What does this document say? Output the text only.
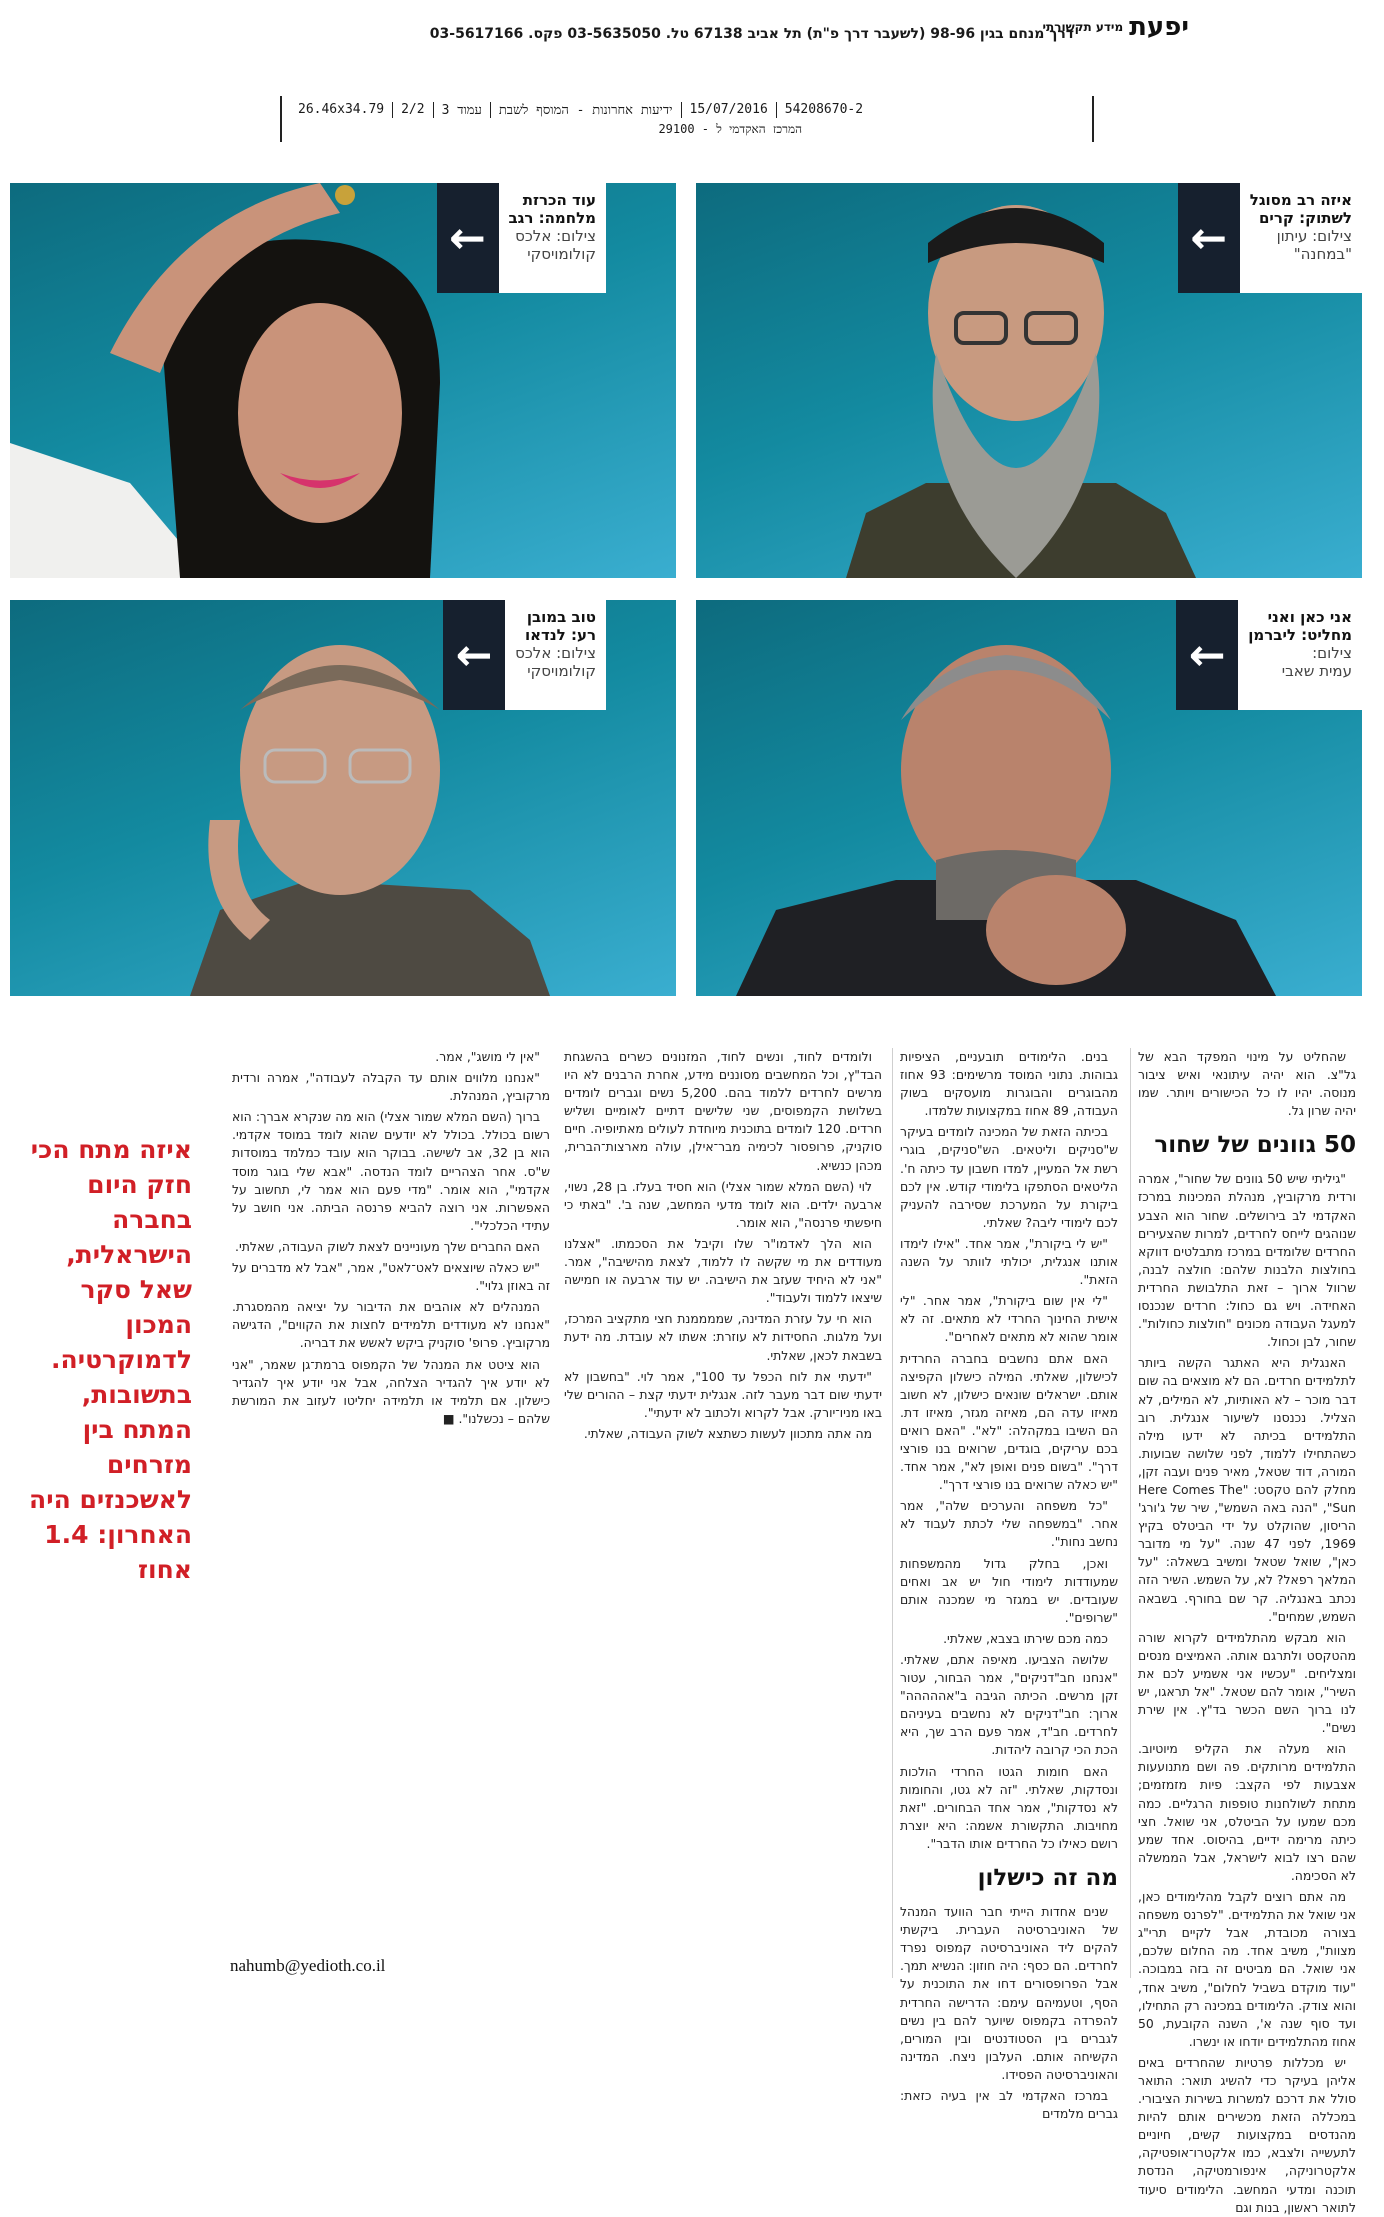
יפעת
מידע תקשורתי
דרך מנחם בגין 98-96 (לשעבר דרך פ"ת) תל אביב 67138 טל. 03-5635050 פקס. 03-5617166
26.46x34.79	2/2	עמוד 3	ידיעות אחרונות - המוסף לשבת	15/07/2016	54208670-2
המרכז האקדמי ל - 29100
←
איזה רב מסוגל
לשתוק: קרים
צילום: עיתון
"במחנה"
←
עוד הכרזת
מלחמה: רגב
צילום: אלכס
קולומויסקי
←
אני כאן ואני
מחליט: ליברמן
צילום:
עמית שאבי
←
טוב במובן
רע: לנדאו
צילום: אלכס
קולומויסקי

שהחליט על מינוי המפקד הבא של גל"צ. הוא יהיה עיתונאי ואיש ציבור מנוסה. יהיו לו כל הכישורים ויותר. שמו יהיה שרון גל.

50 גוונים של שחור

"גיליתי שיש 50 גוונים של שחור", אמרה ורדית מרקוביץ, מנהלת המכינות במרכז האקדמי לב בירושלים. שחור הוא הצבע שנוהגים לייחס לחרדים, למרות שהצעירים החרדים שלומדים במרכז מתבלטים דווקא בחולצות הלבנות שלהם: חולצה לבנה, שרוול ארוך – זאת התלבושת החרדית האחידה. ויש גם כחול: חרדים שנכנסו למעגל העבודה מכונים "חולצות כחולות". שחור, לבן וכחול.

האנגלית היא האתגר הקשה ביותר לתלמידים חרדים. הם לא מוצאים בה שום דבר מוכר – לא האותיות, לא המילים, לא הצליל. נכנסנו לשיעור אנגלית. רוב התלמידים בכיתה לא ידעו מילה כשהתחילו ללמוד, לפני שלושה שבועות. המורה, דוד שטאל, מאיר פנים ועבה זקן, מחלק להם טקסט: "Here Comes The Sun", "הנה באה השמש", שיר של ג'ורג' הריסון, שהוקלט על ידי הביטלס בקיץ 1969, לפני 47 שנה. "על מי מדובר כאן", שואל שטאל ומשיב בשאלה: "על המלאך רפאל? לא, על השמש. השיר הזה נכתב באנגליה. קר שם בחורף. בשבאה השמש, שמחים".

הוא מבקש מהתלמידים לקרוא שורה מהטקסט ולתרגם אותה. האמיצים מנסים ומצליחים. "עכשיו אני אשמיע לכם את השיר", אומר להם שטאל. "אל תראגו, יש לנו ברוך השם הכשר בד"ץ. אין שירת נשים".

הוא מעלה את הקליפ מיוטיוב. התלמידים מרותקים. פה ושם מתנועעות אצבעות לפי הקצב: פיות מזמזמים; מתחת לשולחנות טופפות הרגליים. כמה מכם שמעו על הביטלס, אני שואל. חצי כיתה מרימה ידיים, בהיסוס. אחד שמע שהם רצו לבוא לישראל, אבל הממשלה לא הסכימה.

מה אתם רוצים לקבל מהלימודים כאן, אני שואל את התלמידים. "לפרנס משפחה בצורה מכובדת, אבל לקיים תרי"ג מצוות", משיב אחד. מה החלום שלכם, אני שואל. הם מביטים זה בזה במבוכה. "עוד מוקדם בשביל לחלום", משיב אחד, והוא צודק. הלימודים במכינה רק התחילו, ועד סוף שנה א', השנה הקובעת, 50 אחוז מהתלמידים יודחו או ינשרו.

יש מכללות פרטיות שהחרדים באים אליהן בעיקר כדי להשיג תואר: התואר סולל את דרכם למשרות בשירות הציבורי. במכללה הזאת מכשירים אותם להיות מהנדסים במקצועות קשים, חיוניים לתעשייה ולצבא, כמו אלקטרו־אופטיקה, אלקטרוניקה, אינפורמטיקה, הנדסת תוכנה ומדעי המחשב. הלימודים סיעוד לתואר ראשון, בנות וגם

בנים. הלימודים תובעניים, הציפיות גבוהות. נתוני המוסד מרשימים: 93 אחוז מהבוגרים והבוגרות מועסקים בשוק העבודה, 89 אחוז במקצועות שלמדו.

בכיתה הזאת של המכינה לומדים בעיקר ש"סניקים וליטאים. הש"סניקים, בוגרי רשת אל המעיין, למדו חשבון עד כיתה ח'. הליטאים הסתפקו בלימודי קודש. אין לכם ביקורת על המערכת שסירבה להעניק לכם לימודי ליבה? שאלתי.

"יש לי ביקורת", אמר אחד. "אילו לימדו אותנו אנגלית, יכולתי לוותר על השנה הזאת".

"לי אין שום ביקורת", אמר אחר. "לי אישית החינוך החרדי לא מתאים. זה לא אומר שהוא לא מתאים לאחרים".

האם אתם נחשבים בחברה החרדית לכישלון, שאלתי. המילה כישלון הקפיצה אותם. ישראלים שונאים כישלון, לא חשוב מאיזו עדה הם, מאיזה מגזר, מאיזו דת. הם השיבו במקהלה: "לא". "האם רואים בכם עריקים, בוגדים, שרואים בנו פורצי דרך". "בשום פנים ואופן לא", אמר אחד. "יש כאלה שרואים בנו פורצי דרך".

"כל משפחה והערכים שלה", אמר אחר. "במשפחה שלי לכתת לעבוד לא נחשב נחות".

ואכן, בחלק גדול מהמשפחות שמעודדות לימודי חול יש אב ואחים שעובדים. יש במגזר מי שמכנה אותם "שרופים".

כמה מכם שירתו בצבא, שאלתי.

שלושה הצביעו. מאיפה אתם, שאלתי. "אנחנו חב"דניקים", אמר הבחור, עטור זקן מרשים. הכיתה הגיבה ב"אההההה" ארוך: חב"דניקים לא נחשבים בעיניהם לחרדים. חב"ד, אמר פעם הרב שך, היא הכת הכי קרובה ליהדות.

האם חומות הגטו החרדי הולכות ונסדקות, שאלתי. "זה לא גטו, והחומות לא נסדקות", אמר אחד הבחורים. "זאת מחויבות. התקשורת אשמה: היא יוצרת רושם כאילו כל החרדים אותו הדבר".

מה זה כישלון

שנים אחדות הייתי חבר הוועד המנהל של האוניברסיטה העברית. ביקשתי להקים ליד האוניברסיטה קמפוס נפרד לחרדים. הם כסף: היה חוזון: הנשיא תמך. אבל הפרופסורים דחו את התוכנית על הסף, וטעמיהם עימם: הדרישה החרדית להפרדה בקמפוס שיוער להם בין נשים לגברים בין הסטודנטים ובין המורים, הקשיחה אותם. העלבון ניצח. המדינה והאוניברסיטה הפסידו.

במרכז האקדמי לב אין בעיה כזאת: גברים מלמדים

ולומדים לחוד, ונשים לחוד, המזנונים כשרים בהשגחת הבד"ץ, וכל המחשבים מסוננים מידע, אחרת הרבנים לא היו מרשים לחרדים ללמוד בהם. 5,200 נשים וגברים לומדים בשלושת הקמפוסים, שני שלישים דתיים לאומיים ושליש חרדים. 120 לומדים בתוכנית מיוחדת לעולים מאתיופיה. חיים סוקניק, פרופסור לכימיה מבר־אילן, עולה מארצות־הברית, מכהן כנשיא.

לוי (השם המלא שמור אצלי) הוא חסיד בעלז. בן 28, נשוי, ארבעה ילדים. הוא לומד מדעי המחשב, שנה ב'. "באתי כי חיפשתי פרנסה", הוא אומר.

הוא הלך לאדמו"ר שלו וקיבל את הסכמתו. "אצלנו מעודדים את מי שקשה לו ללמוד, לצאת מהישיבה", אמר. "אני לא היחיד שעזב את הישיבה. יש עוד ארבעה או חמישה שיצאו ללמוד ולעבוד".

הוא חי על עזרת המדינה, שממממנת חצי מתקציב המרכז, ועל מלגות. החסידות לא עוזרת: אשתו לא עובדת. מה ידעת בשבאת לכאן, שאלתי.

"ידעתי את לוח הכפל עד 100", אמר לוי. "בחשבון לא ידעתי שום דבר מעבר לזה. אנגלית ידעתי קצת – ההורים שלי באו מניו־יורק. אבל לקרוא ולכתוב לא ידעתי".

מה אתה מתכוון לעשות כשתצא לשוק העבודה, שאלתי.

"אין לי מושג", אמר.

"אנחנו מלווים אותם עד הקבלה לעבודה", אמרה ורדית מרקוביץ, המנהלת.

ברוך (השם המלא שמור אצלי) הוא מה שנקרא אברך: הוא רשום בכולל. בכולל לא יודעים שהוא לומד במוסד אקדמי. הוא בן 32, אב לשישה. בבוקר הוא עובד כמלמד במוסדות ש"ס. אחר הצהריים לומד הנדסה. "אבא שלי בוגר מוסד אקדמי", הוא אומר. "מדי פעם הוא אמר לי, תחשוב על האפשרות. אני רוצה להביא פרנסה הביתה. אני חושב על עתידי הכלכלי".

האם החברים שלך מעוניינים לצאת לשוק העבודה, שאלתי.

"יש כאלה שיוצאים לאט־לאט", אמר, "אבל לא מדברים על זה באוזן גלוי".

המנהלים לא אוהבים את הדיבור על יציאה מהמסגרת. "אנחנו לא מעודדים תלמידים לחצות את הקווים", הדגישה מרקוביץ. פרופ' סוקניק ביקש לאשש את דבריה.

הוא ציטט את המנהל של הקמפוס ברמת־גן שאמר, "אני לא יודע איך להגדיר הצלחה, אבל אני יודע איך להגדיר כישלון. אם תלמיד או תלמידה יחליטו לעזוב את המורשת שלהם – נכשלנו". ■

איזה מתח הכי חזק היום בחברה הישראלית, שאל סקר המכון לדמוקרטיה. בתשובות, המתח בין מזרחים לאשכנזים היה האחרון: 1.4 אחוז
nahumb@yedioth.co.il
